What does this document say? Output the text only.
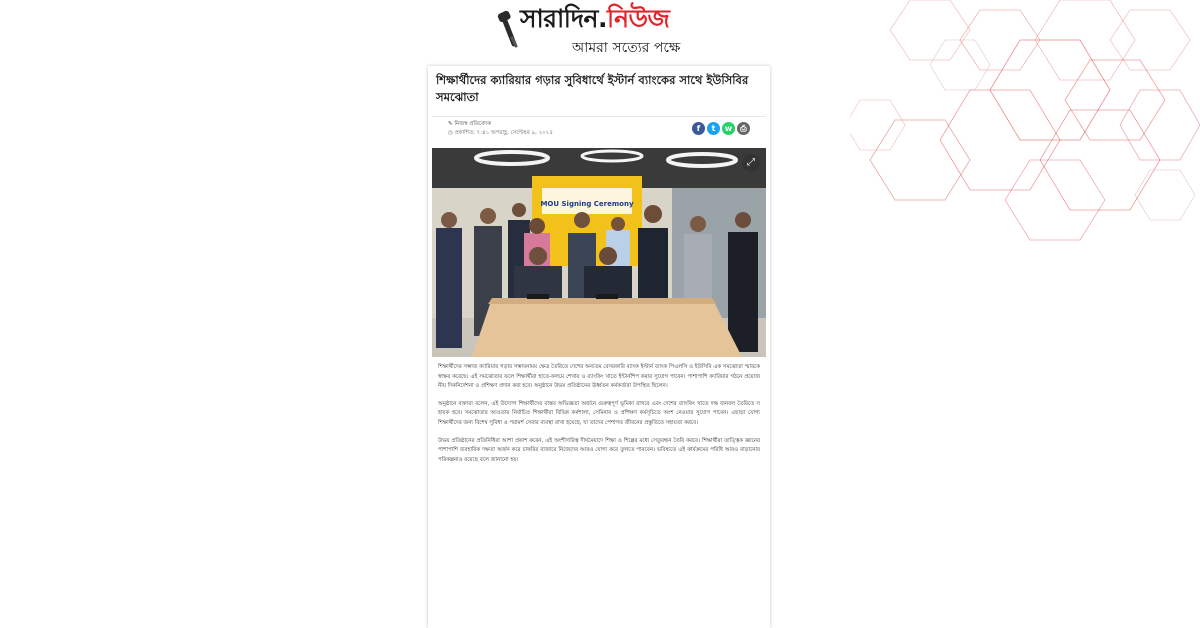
সারাদিন.নিউজ
আমরা সত্যের পক্ষে
শিক্ষার্থীদের ক্যারিয়ার গড়ার সুবিধার্থে ইস্টার্ন ব্যাংকের সাথে ইউসিবির সমঝোতা
✎ নিজস্ব প্রতিবেদক
◷ প্রকাশিত: ৭:৪১ অপরাহ্ণ, সেপ্টেম্বর ৯, ২০২৫	f	t	w	⎙
MOU Signing Ceremony
⤢

শিক্ষার্থীদের সম্ভাব্য ক্যারিয়ার গড়ার সম্ভাবনাময় ক্ষেত্র তৈরিতে দেশের অন্যতম বেসরকারি ব্যাংক ইস্টার্ন ব্যাংক পিএলসি ও ইউসিবি এক সমঝোতা স্মারকে স্বাক্ষর করেছে। এই সমঝোতার ফলে শিক্ষার্থীরা হাতে-কলমে শেখার ও ব্যাংকিং খাতে ইন্টার্নশিপ করার সুযোগ পাবেন। পাশাপাশি ক্যারিয়ার গঠনে প্রয়োজনীয় দিকনির্দেশনা ও প্রশিক্ষণ প্রদান করা হবে। অনুষ্ঠানে উভয় প্রতিষ্ঠানের ঊর্ধ্বতন কর্মকর্তারা উপস্থিত ছিলেন।

অনুষ্ঠানে বক্তারা বলেন, এই উদ্যোগ শিক্ষার্থীদের বাস্তব অভিজ্ঞতা অর্জনে গুরুত্বপূর্ণ ভূমিকা রাখবে এবং দেশের ব্যাংকিং খাতে দক্ষ জনবল তৈরিতে সহায়ক হবে। সমঝোতার আওতায় নির্বাচিত শিক্ষার্থীরা বিভিন্ন কর্মশালা, সেমিনার ও প্রশিক্ষণ কর্মসূচিতে অংশ নেওয়ার সুযোগ পাবেন। এছাড়া যোগ্য শিক্ষার্থীদের জন্য বিশেষ সুবিধা ও পরামর্শ সেবার ব্যবস্থা রাখা হয়েছে, যা তাদের পেশাগত জীবনের প্রস্তুতিতে সহায়তা করবে।

উভয় প্রতিষ্ঠানের প্রতিনিধিরা আশা প্রকাশ করেন, এই অংশীদারিত্ব দীর্ঘমেয়াদে শিক্ষা ও শিল্পের মধ্যে সেতুবন্ধন তৈরি করবে। শিক্ষার্থীরা তাত্ত্বিক জ্ঞানের পাশাপাশি ব্যবহারিক দক্ষতা অর্জন করে চাকরির বাজারে নিজেদের আরও যোগ্য করে তুলতে পারবেন। ভবিষ্যতে এই কার্যক্রমের পরিধি আরও বাড়ানোর পরিকল্পনাও রয়েছে বলে জানানো হয়।
